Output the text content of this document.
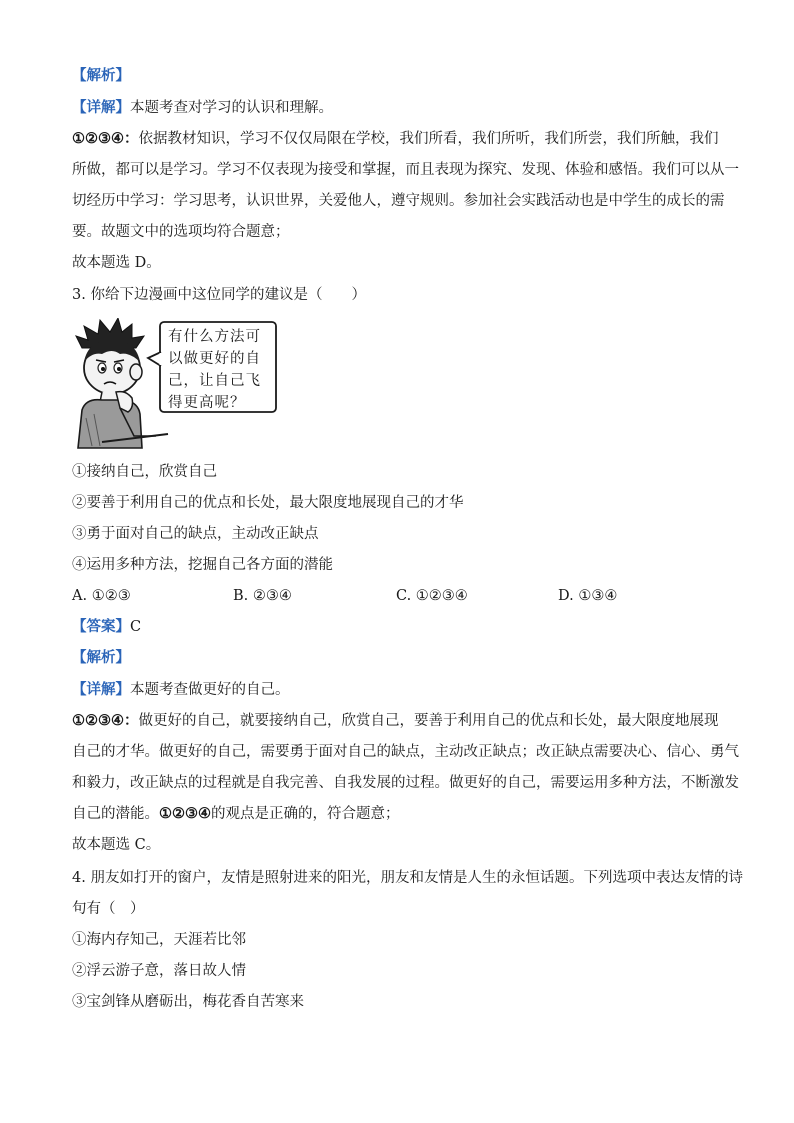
【解析】
【详解】本题考查对学习的认识和理解。
①②③④：依据教材知识，学习不仅仅局限在学校，我们所看，我们所听，我们所尝，我们所触，我们
所做，都可以是学习。学习不仅表现为接受和掌握，而且表现为探究、发现、体验和感悟。我们可以从一
切经历中学习：学习思考，认识世界，关爱他人，遵守规则。参加社会实践活动也是中学生的成长的需
要。故题文中的选项均符合题意；
故本题选 D。
3. 你给下边漫画中这位同学的建议是（　　）
有什么方法可
以做更好的自
己，让自己飞
得更高呢？
①接纳自己，欣赏自己
②要善于利用自己的优点和长处，最大限度地展现自己的才华
③勇于面对自己的缺点，主动改正缺点
④运用多种方法，挖掘自己各方面的潜能
A. ①②③	B. ②③④	C. ①②③④	D. ①③④
【答案】C
【解析】
【详解】本题考查做更好的自己。
①②③④：做更好的自己，就要接纳自己，欣赏自己，要善于利用自己的优点和长处，最大限度地展现
自己的才华。做更好的自己，需要勇于面对自己的缺点，主动改正缺点；改正缺点需要决心、信心、勇气
和毅力，改正缺点的过程就是自我完善、自我发展的过程。做更好的自己，需要运用多种方法，不断激发
自己的潜能。①②③④的观点是正确的，符合题意；
故本题选 C。
4. 朋友如打开的窗户，友情是照射进来的阳光，朋友和友情是人生的永恒话题。下列选项中表达友情的诗
句有（　）
①海内存知己，天涯若比邻
②浮云游子意，落日故人情
③宝剑锋从磨砺出，梅花香自苦寒来
